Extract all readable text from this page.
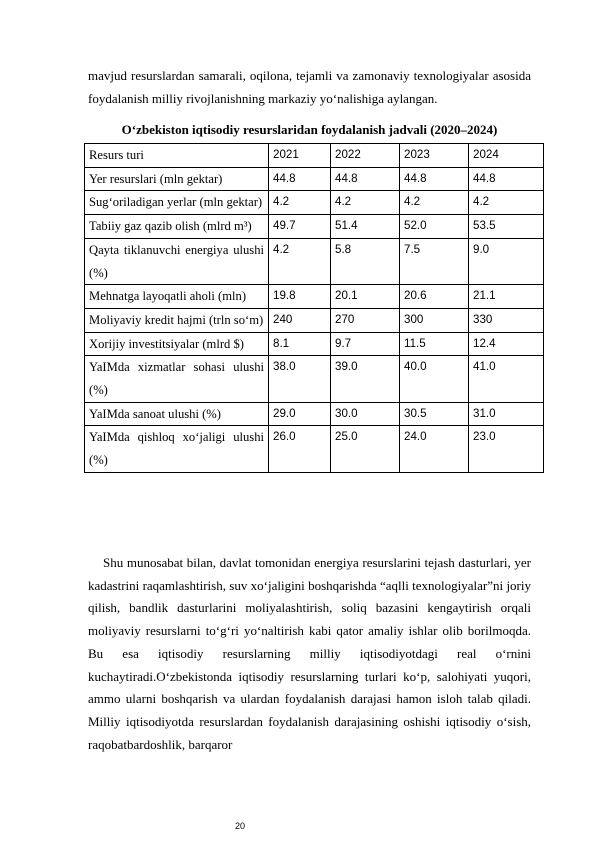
mavjud resurslardan samarali, oqilona, tejamli va zamonaviy texnologiyalar asosida foydalanish milliy rivojlanishning markaziy yo‘nalishiga aylangan.

O‘zbekiston iqtisodiy resurslaridan foydalanish jadvali (2020–2024)

Resurs turi	2021	2022	2023	2024
Yer resurslari (mln gektar)	44.8	44.8	44.8	44.8
Sug‘oriladigan yerlar (mln gektar)	4.2	4.2	4.2	4.2
Tabiiy gaz qazib olish (mlrd m³)	49.7	51.4	52.0	53.5
Qayta tiklanuvchi energiya ulushi (%)	4.2	5.8	7.5	9.0
Mehnatga layoqatli aholi (mln)	19.8	20.1	20.6	21.1
Moliyaviy kredit hajmi (trln so‘m)	240	270	300	330
Xorijiy investitsiyalar (mlrd $)	8.1	9.7	11.5	12.4
YaIMda xizmatlar sohasi ulushi (%)	38.0	39.0	40.0	41.0
YaIMda sanoat ulushi (%)	29.0	30.0	30.5	31.0
YaIMda qishloq xo‘jaligi ulushi (%)	26.0	25.0	24.0	23.0

Shu munosabat bilan, davlat tomonidan energiya resurslarini tejash dasturlari, yer kadastrini raqamlashtirish, suv xo‘jaligini boshqarishda “aqlli texnologiyalar”ni joriy qilish, bandlik dasturlarini moliyalashtirish, soliq bazasini kengaytirish orqali moliyaviy resurslarni to‘g‘ri yo‘naltirish kabi qator amaliy ishlar olib borilmoqda. Bu esa iqtisodiy resurslarning milliy iqtisodiyotdagi real o‘rnini kuchaytiradi.O‘zbekistonda iqtisodiy resurslarning turlari ko‘p, salohiyati yuqori, ammo ularni boshqarish va ulardan foydalanish darajasi hamon isloh talab qiladi. Milliy iqtisodiyotda resurslardan foydalanish darajasining oshishi iqtisodiy o‘sish, raqobatbardoshlik, barqaror

20
